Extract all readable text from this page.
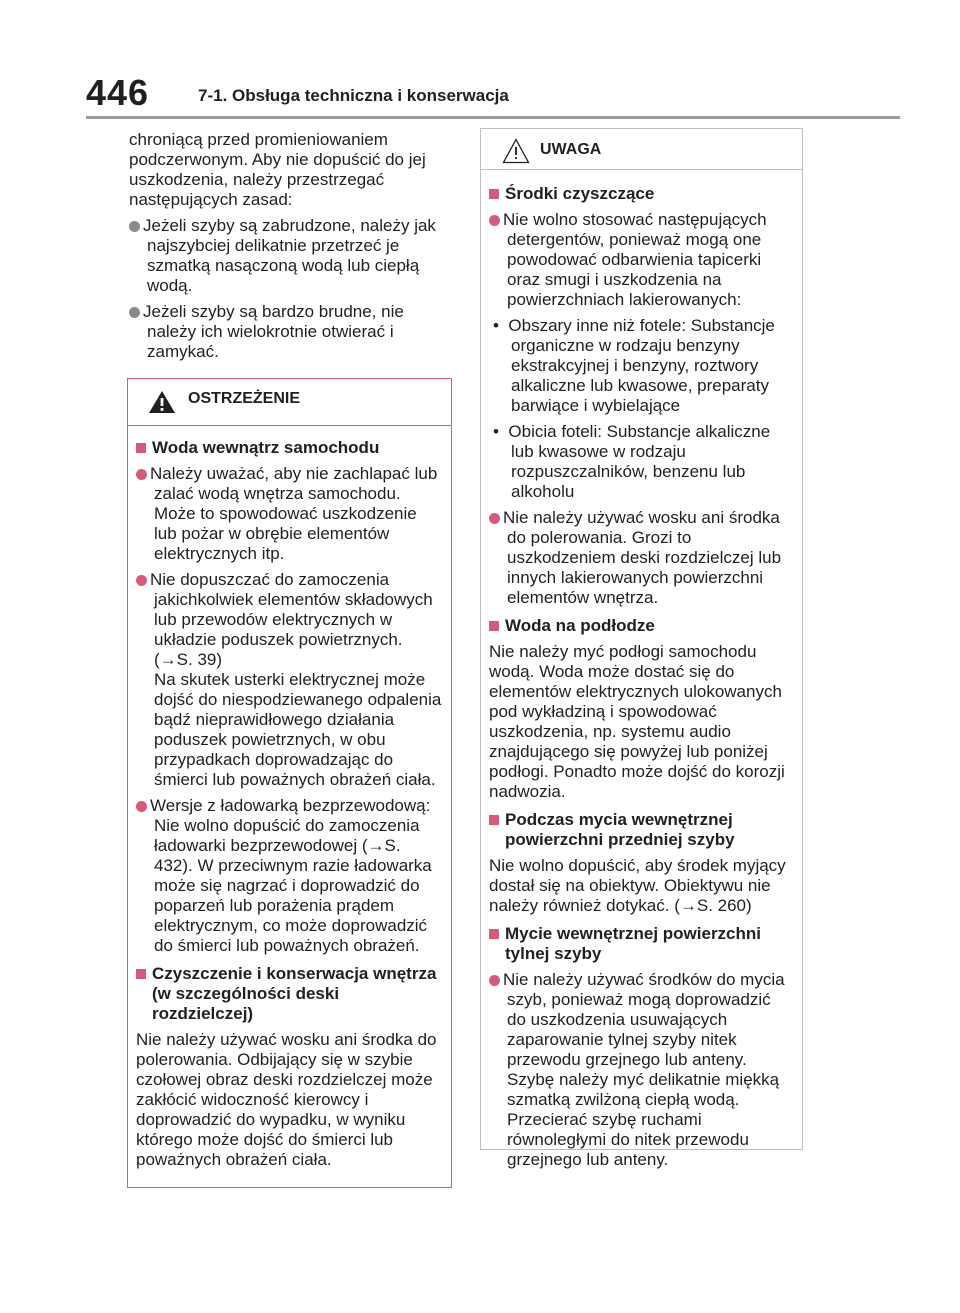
446	7-1. Obsługa techniczna i konserwacja

chroniącą przed promieniowaniem podczerwonym. Aby nie dopuścić do jej uszkodzenia, należy przestrzegać następujących zasad:

Jeżeli szyby są zabrudzone, należy jak najszybciej delikatnie przetrzeć je szmatką nasączoną wodą lub ciepłą wodą.

Jeżeli szyby są bardzo brudne, nie należy ich wielokrotnie otwierać i zamykać.

OSTRZEŻENIE

Woda wewnątrz samochodu

Należy uważać, aby nie zachlapać lub zalać wodą wnętrza samochodu. Może to spowodować uszkodzenie lub pożar w obrębie elementów elektrycznych itp.

Nie dopuszczać do zamoczenia jakichkolwiek elementów składowych lub przewodów elektrycznych w układzie poduszek powietrznych. (→S. 39)

Na skutek usterki elektrycznej może dojść do niespodziewanego odpalenia bądź nieprawidłowego działania poduszek powietrznych, w obu przypadkach doprowadzając do śmierci lub poważnych obrażeń ciała.

Wersje z ładowarką bezprzewodową: Nie wolno dopuścić do zamoczenia ładowarki bezprzewodowej (→S. 432). W przeciwnym razie ładowarka może się nagrzać i doprowadzić do poparzeń lub porażenia prądem elektrycznym, co może doprowadzić do śmierci lub poważnych obrażeń.

Czyszczenie i konserwacja wnętrza (w szczególności deski rozdzielczej)

Nie należy używać wosku ani środka do polerowania. Odbijający się w szybie czołowej obraz deski rozdzielczej może zakłócić widoczność kierowcy i doprowadzić do wypadku, w wyniku którego może dojść do śmierci lub poważnych obrażeń ciała.

UWAGA

Środki czyszczące

Nie wolno stosować następujących detergentów, ponieważ mogą one powodować odbarwienia tapicerki oraz smugi i uszkodzenia na powierzchniach lakierowanych:

•  Obszary inne niż fotele: Substancje organiczne w rodzaju benzyny ekstrakcyjnej i benzyny, roztwory alkaliczne lub kwasowe, preparaty barwiące i wybielające

•  Obicia foteli: Substancje alkaliczne lub kwasowe w rodzaju rozpuszczalników, benzenu lub alkoholu

Nie należy używać wosku ani środka do polerowania. Grozi to uszkodzeniem deski rozdzielczej lub innych lakierowanych powierzchni elementów wnętrza.

Woda na podłodze

Nie należy myć podłogi samochodu wodą. Woda może dostać się do elementów elektrycznych ulokowanych pod wykładziną i spowodować uszkodzenia, np. systemu audio znajdującego się powyżej lub poniżej podłogi. Ponadto może dojść do korozji nadwozia.

Podczas mycia wewnętrznej powierzchni przedniej szyby

Nie wolno dopuścić, aby środek myjący dostał się na obiektyw. Obiektywu nie należy również dotykać. (→S. 260)

Mycie wewnętrznej powierzchni tylnej szyby

Nie należy używać środków do mycia szyb, ponieważ mogą doprowadzić do uszkodzenia usuwających zaparowanie tylnej szyby nitek przewodu grzejnego lub anteny. Szybę należy myć delikatnie miękką szmatką zwilżoną ciepłą wodą. Przecierać szybę ruchami równoległymi do nitek przewodu grzejnego lub anteny.
